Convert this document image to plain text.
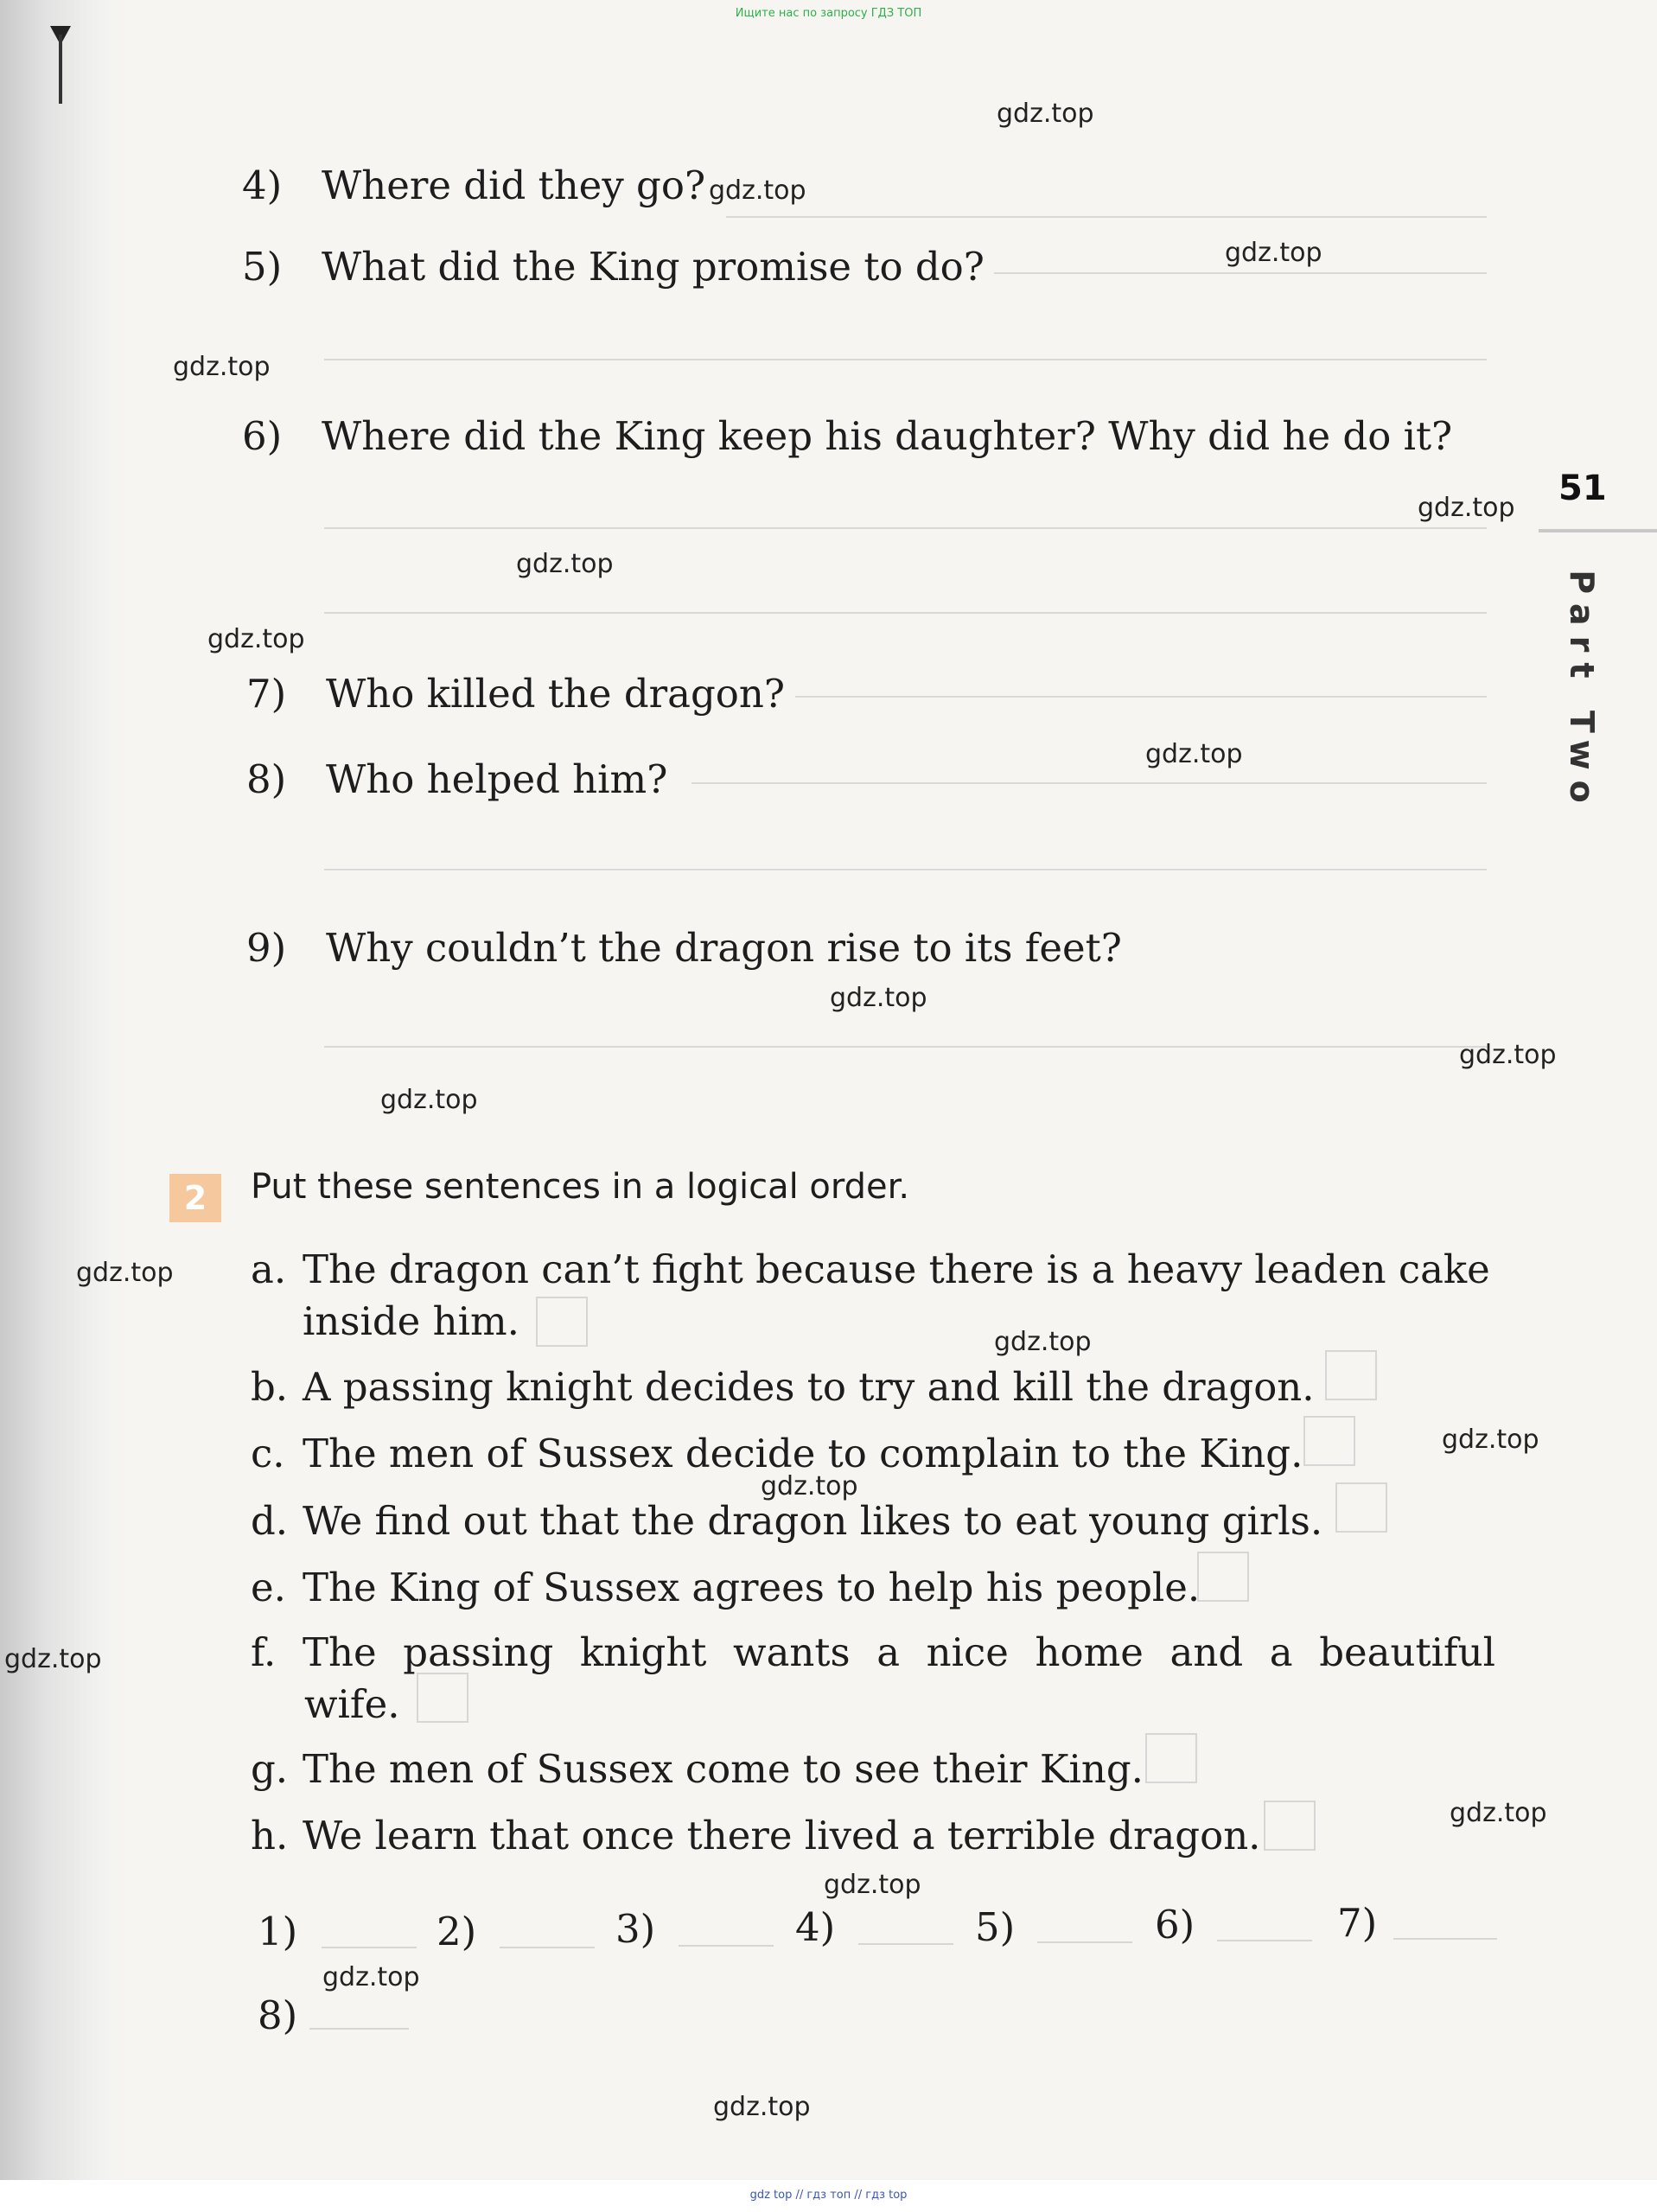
Ищите нас по запросу ГДЗ ТОП
4) Where did they go?
5) What did the King promise to do?
6) Where did the King keep his daughter? Why did he do it?
7) Who killed the dragon?
8) Who helped him?
9) Why couldn’t the dragon rise to its feet?
51
Part Two
2	Put these sentences in a logical order.
a. The dragon can’t fight because there is a heavy leaden cake
inside him.
b. A passing knight decides to try and kill the dragon.
c. The men of Sussex decide to complain to the King.
d. We find out that the dragon likes to eat young girls.
e. The King of Sussex agrees to help his people.
f. The passing knight wants a nice home and a beautiful
wife.
g. The men of Sussex come to see their King.
h. We learn that once there lived a terrible dragon.
1)	2)	3)	4)	5)	6)	7)
8)
gdz.top
gdz.top
gdz.top
gdz.top
gdz.top
gdz.top
gdz.top
gdz.top
gdz.top
gdz.top
gdz.top
gdz.top
gdz.top
gdz.top
gdz.top
gdz.top
gdz.top
gdz.top
gdz.top
gdz.top
gdz top // гдз топ // гдз top
